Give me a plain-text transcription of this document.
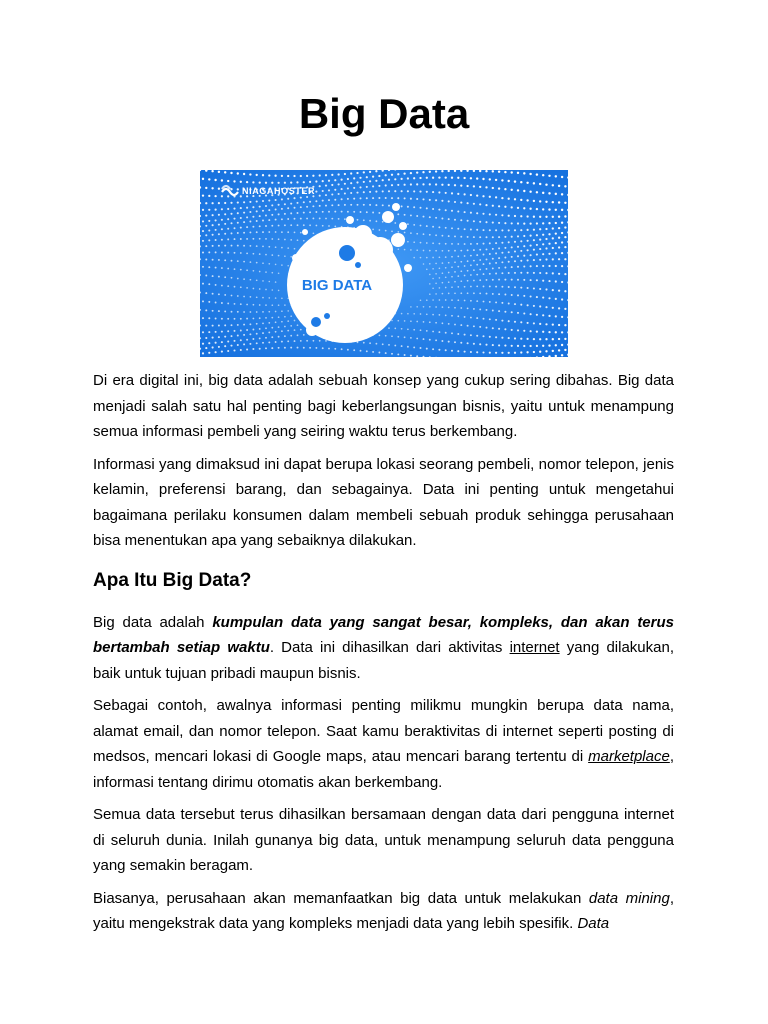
Big Data
NIAGAHOSTER
BIG DATA

Di era digital ini, big data adalah sebuah konsep yang cukup sering dibahas. Big data menjadi salah satu hal penting bagi keberlangsungan bisnis, yaitu untuk menampung semua informasi pembeli yang seiring waktu terus berkembang.

Informasi yang dimaksud ini dapat berupa lokasi seorang pembeli, nomor telepon, jenis kelamin, preferensi barang, dan sebagainya. Data ini penting untuk mengetahui bagaimana perilaku konsumen dalam membeli sebuah produk sehingga perusahaan bisa menentukan apa yang sebaiknya dilakukan.

Apa Itu Big Data?

Big data adalah kumpulan data yang sangat besar, kompleks, dan akan terus bertambah setiap waktu. Data ini dihasilkan dari aktivitas internet yang dilakukan, baik untuk tujuan pribadi maupun bisnis.

Sebagai contoh, awalnya informasi penting milikmu mungkin berupa data nama, alamat email, dan nomor telepon. Saat kamu beraktivitas di internet seperti posting di medsos, mencari lokasi di Google maps, atau mencari barang tertentu di marketplace, informasi tentang dirimu otomatis akan berkembang.

Semua data tersebut terus dihasilkan bersamaan dengan data dari pengguna internet di seluruh dunia. Inilah gunanya big data, untuk menampung seluruh data pengguna yang semakin beragam.

Biasanya, perusahaan akan memanfaatkan big data untuk melakukan data mining, yaitu mengekstrak data yang kompleks menjadi data yang lebih spesifik. Data
